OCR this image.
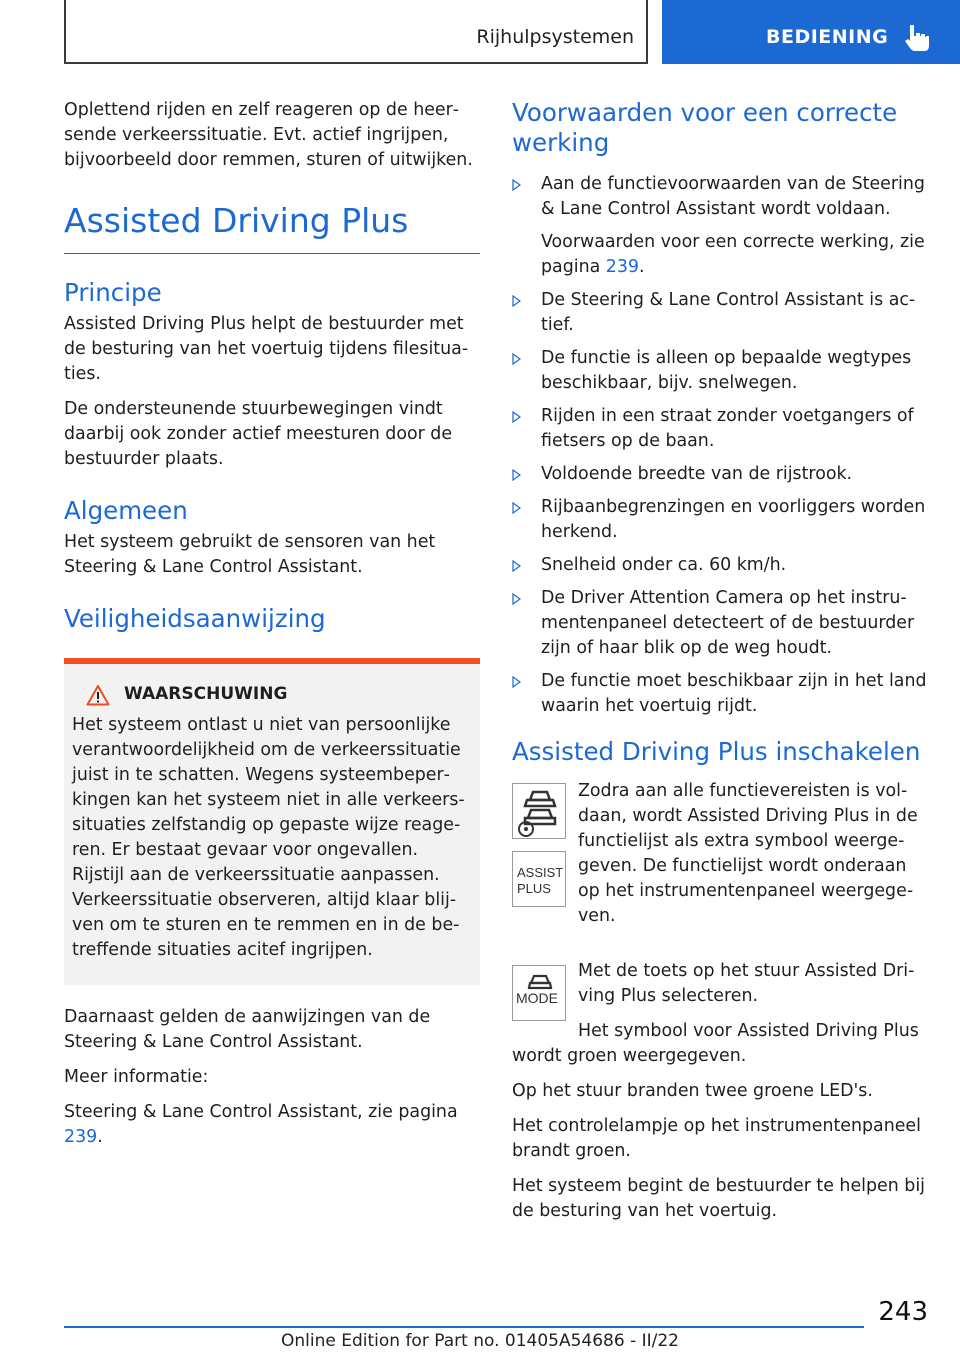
Rijhulpsystemen	BEDIENING

Oplettend rijden en zelf reageren op de heersende verkeerssituatie. Evt. actief ingrijpen, bijvoorbeeld door remmen, sturen of uitwijken.

Assisted Driving Plus
Principe

Assisted Driving Plus helpt de bestuurder met de besturing van het voertuig tijdens filesituaties.

De ondersteunende stuurbewegingen vindt daarbij ook zonder actief meesturen door de bestuurder plaats.

Algemeen

Het systeem gebruikt de sensoren van het Steering & Lane Control Assistant.

Veiligheidsaanwijzing
WAARSCHUWING

Het systeem ontlast u niet van persoonlijke verantwoordelijkheid om de verkeerssituatie juist in te schatten. Wegens systeembeperkingen kan het systeem niet in alle verkeerssituaties zelfstandig op gepaste wijze reageren. Er bestaat gevaar voor ongevallen. Rijstijl aan de verkeerssituatie aanpassen. Verkeerssituatie observeren, altijd klaar blijven om te sturen en te remmen en in de betreffende situaties acitef ingrijpen.

Daarnaast gelden de aanwijzingen van de Steering & Lane Control Assistant.

Meer informatie:

Steering & Lane Control Assistant, zie pagina 239.

Voorwaarden voor een correcte werking

Aan de functievoorwaarden van de Steering & Lane Control Assistant wordt voldaan.

Voorwaarden voor een correcte werking, zie pagina 239.

De Steering & Lane Control Assistant is actief.

De functie is alleen op bepaalde wegtypes beschikbaar, bijv. snelwegen.

Rijden in een straat zonder voetgangers of fietsers op de baan.

Voldoende breedte van de rijstrook.

Rijbaanbegrenzingen en voorliggers worden herkend.

Snelheid onder ca. 60 km/h.

De Driver Attention Camera op het instrumentenpaneel detecteert of de bestuurder zijn of haar blik op de weg houdt.

De functie moet beschikbaar zijn in het land waarin het voertuig rijdt.

Assisted Driving Plus inschakelen
ASSIST
PLUS

Zodra aan alle functievereisten is voldaan, wordt Assisted Driving Plus in de functielijst als extra symbool weergegeven. De functielijst wordt onderaan op het instrumentenpaneel weergegeven.

MODE

Met de toets op het stuur Assisted Driving Plus selecteren.

Het symbool voor Assisted Driving Plus wordt groen weergegeven.

Op het stuur branden twee groene LED's.

Het controlelampje op het instrumentenpaneel brandt groen.

Het systeem begint de bestuurder te helpen bij de besturing van het voertuig.

243
Online Edition for Part no. 01405A54686 - II/22
